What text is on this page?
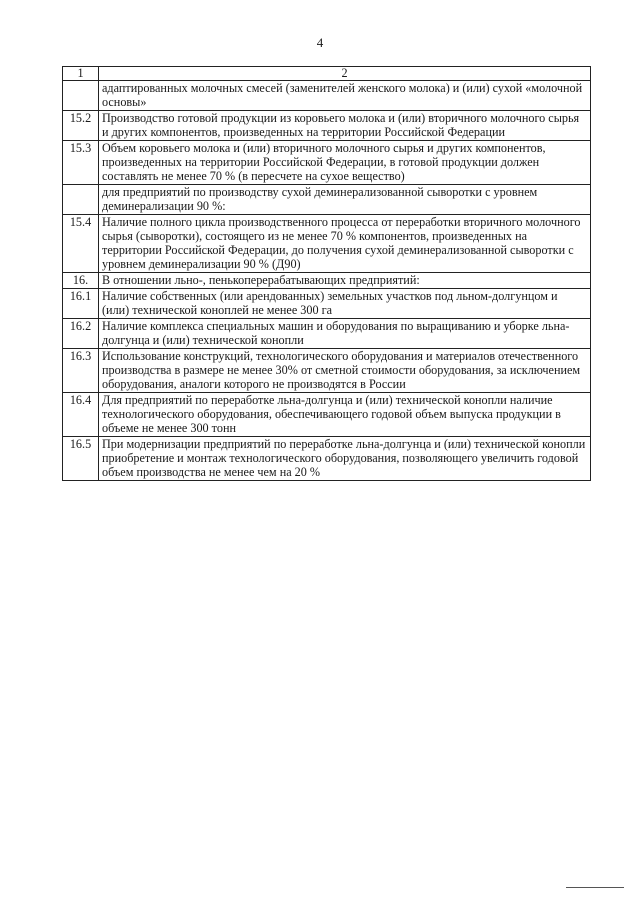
4
1	2
	адаптированных молочных смесей (заменителей женского молока) и (или) сухой «молочной основы»
15.2	Производство готовой продукции из коровьего молока и (или) вторичного молочного сырья и других компонентов, произведенных на территории Российской Федерации
15.3	Объем коровьего молока и (или) вторичного молочного сырья и других компонентов, произведенных на территории Российской Федерации, в готовой продукции должен составлять не менее 70 % (в пересчете на сухое вещество)
	для предприятий по производству сухой деминерализованной сыворотки с уровнем деминерализации 90 %:
15.4	Наличие полного цикла производственного процесса от переработки вторичного молочного сырья (сыворотки), состоящего из не менее 70 % компонентов, произведенных на территории Российской Федерации, до получения сухой деминерализованной сыворотки с уровнем деминерализации 90 % (Д90)
16.	В отношении льно-, пенькоперерабатывающих предприятий:
16.1	Наличие собственных (или арендованных) земельных участков под льном-долгунцом и (или) технической коноплей не менее 300 га
16.2	Наличие комплекса специальных машин и оборудования по выращиванию и уборке льна-долгунца и (или) технической конопли
16.3	Использование конструкций, технологического оборудования и материалов отечественного производства в размере не менее 30% от сметной стоимости оборудования, за исключением оборудования, аналоги которого не производятся в России
16.4	Для предприятий по переработке льна-долгунца и (или) технической конопли наличие технологического оборудования, обеспечивающего годовой объем выпуска продукции в объеме не менее 300 тонн
16.5	При модернизации предприятий по переработке льна-долгунца и (или) технической конопли приобретение и монтаж технологического оборудования, позволяющего увеличить годовой объем производства не менее чем на 20 %
